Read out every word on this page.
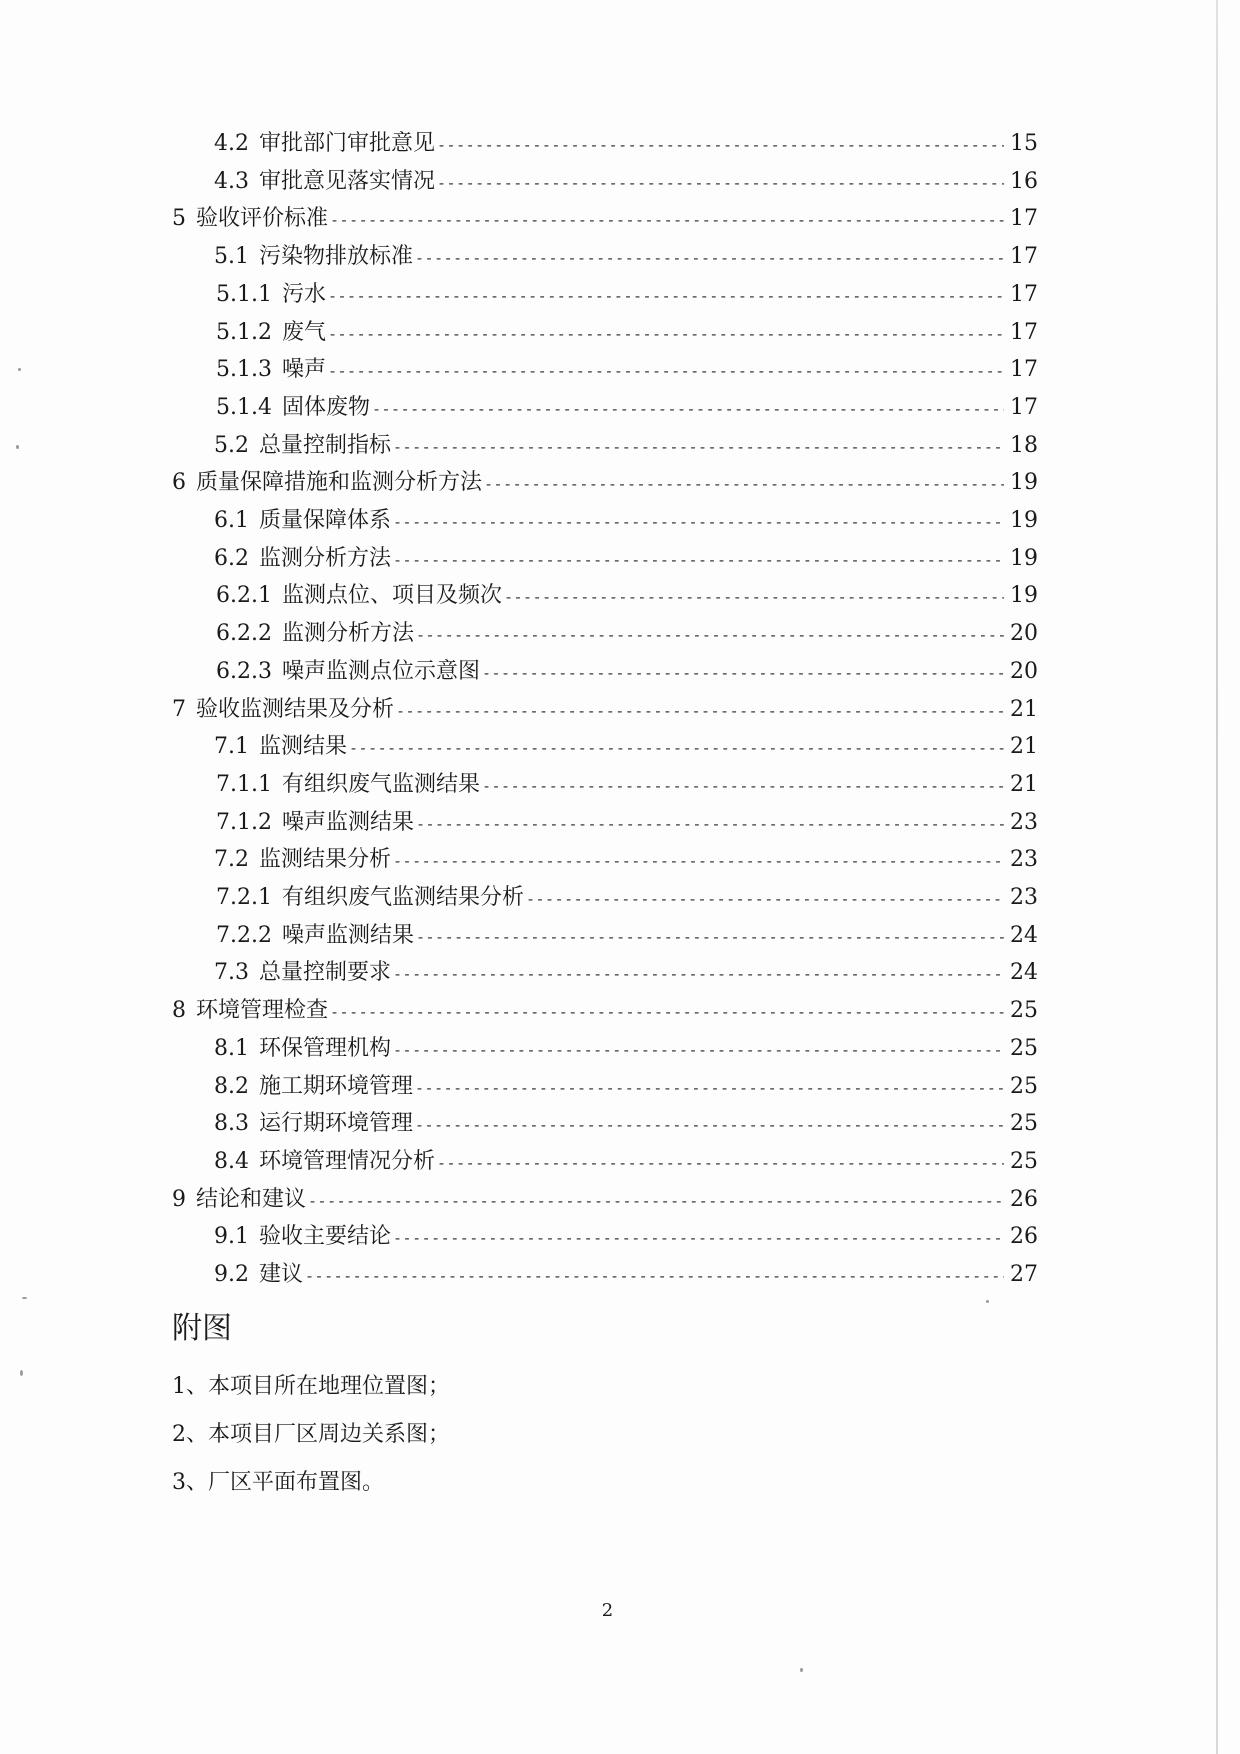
4.2 审批部门审批意见 -----	15
4.3 审批意见落实情况 -----	16
5 验收评价标准 -----	17
5.1 污染物排放标准 -----	17
5.1.1 污水 -----	17
5.1.2 废气 -----	17
5.1.3 噪声 -----	17
5.1.4 固体废物 -----	17
5.2 总量控制指标 -----	18
6 质量保障措施和监测分析方法 -----	19
6.1 质量保障体系 -----	19
6.2 监测分析方法 -----	19
6.2.1 监测点位、项目及频次 -----	19
6.2.2 监测分析方法 -----	20
6.2.3 噪声监测点位示意图 -----	20
7 验收监测结果及分析 -----	21
7.1 监测结果 -----	21
7.1.1 有组织废气监测结果 -----	21
7.1.2 噪声监测结果 -----	23
7.2 监测结果分析 -----	23
7.2.1 有组织废气监测结果分析 -----	23
7.2.2 噪声监测结果 -----	24
7.3 总量控制要求 -----	24
8 环境管理检查 -----	25
8.1 环保管理机构 -----	25
8.2 施工期环境管理 -----	25
8.3 运行期环境管理 -----	25
8.4 环境管理情况分析 -----	25
9 结论和建议 -----	26
9.1 验收主要结论 -----	26
9.2 建议 -----	27
附图
1、本项目所在地理位置图；
2、本项目厂区周边关系图；
3、厂区平面布置图。
2
